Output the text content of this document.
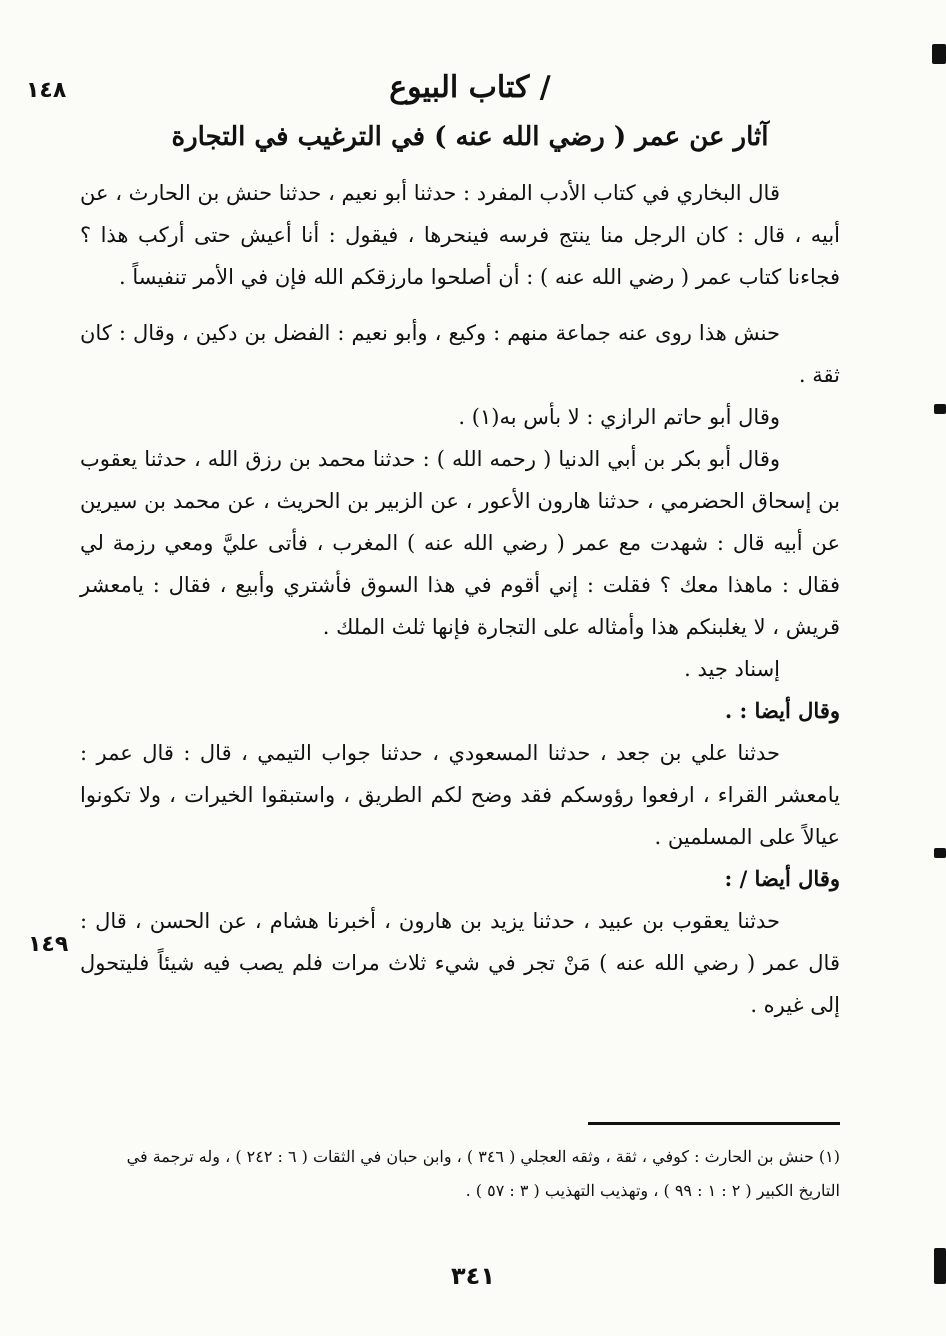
١٤٨	/ كتاب البيوع
آثار عن عمر ( رضي الله عنه ) في الترغيب في التجارة

قال البخاري في كتاب الأدب المفرد : حدثنا أبو نعيم ، حدثنا حنش بن الحارث ، عن أبيه ، قال : كان الرجل منا ينتج فرسه فينحرها ، فيقول : أنا أعيش حتى أركب هذا ؟ فجاءنا كتاب عمر ( رضي الله عنه ) : أن أصلحوا مارزقكم الله فإن في الأمر تنفيساً .

حنش هذا روى عنه جماعة منهم : وكيع ، وأبو نعيم : الفضل بن دكين ، وقال : كان ثقة .

وقال أبو حاتم الرازي : لا بأس به(١) .

وقال أبو بكر بن أبي الدنيا ( رحمه الله ) : حدثنا محمد بن رزق الله ، حدثنا يعقوب بن إسحاق الحضرمي ، حدثنا هارون الأعور ، عن الزبير بن الحريث ، عن محمد بن سيرين عن أبيه قال : شهدت مع عمر ( رضي الله عنه ) المغرب ، فأتى عليَّ ومعي رزمة لي فقال : ماهذا معك ؟ فقلت : إني أقوم في هذا السوق فأشتري وأبيع ، فقال : يامعشر قريش ، لا يغلبنكم هذا وأمثاله على التجارة فإنها ثلث الملك .

إسناد جيد .

وقال أيضا : .

حدثنا علي بن جعد ، حدثنا المسعودي ، حدثنا جواب التيمي ، قال : قال عمر : يامعشر القراء ، ارفعوا رؤوسكم فقد وضح لكم الطريق ، واستبقوا الخيرات ، ولا تكونوا عيالاً على المسلمين .

وقال أيضا / :

حدثنا يعقوب بن عبيد ، حدثنا يزيد بن هارون ، أخبرنا هشام ، عن الحسن ، قال : قال عمر ( رضي الله عنه ) مَنْ تجر في شيء ثلاث مرات فلم يصب فيه شيئاً فليتحول إلى غيره .

١٤٩
(١) حنش بن الحارث : كوفي ، ثقة ، وثقه العجلي ( ٣٤٦ ) ، وابن حبان في الثقات ( ٦ : ٢٤٢ ) ، وله ترجمة في
التاريخ الكبير ( ٢ : ١ : ٩٩ ) ، وتهذيب التهذيب ( ٣ : ٥٧ ) .
٣٤١
